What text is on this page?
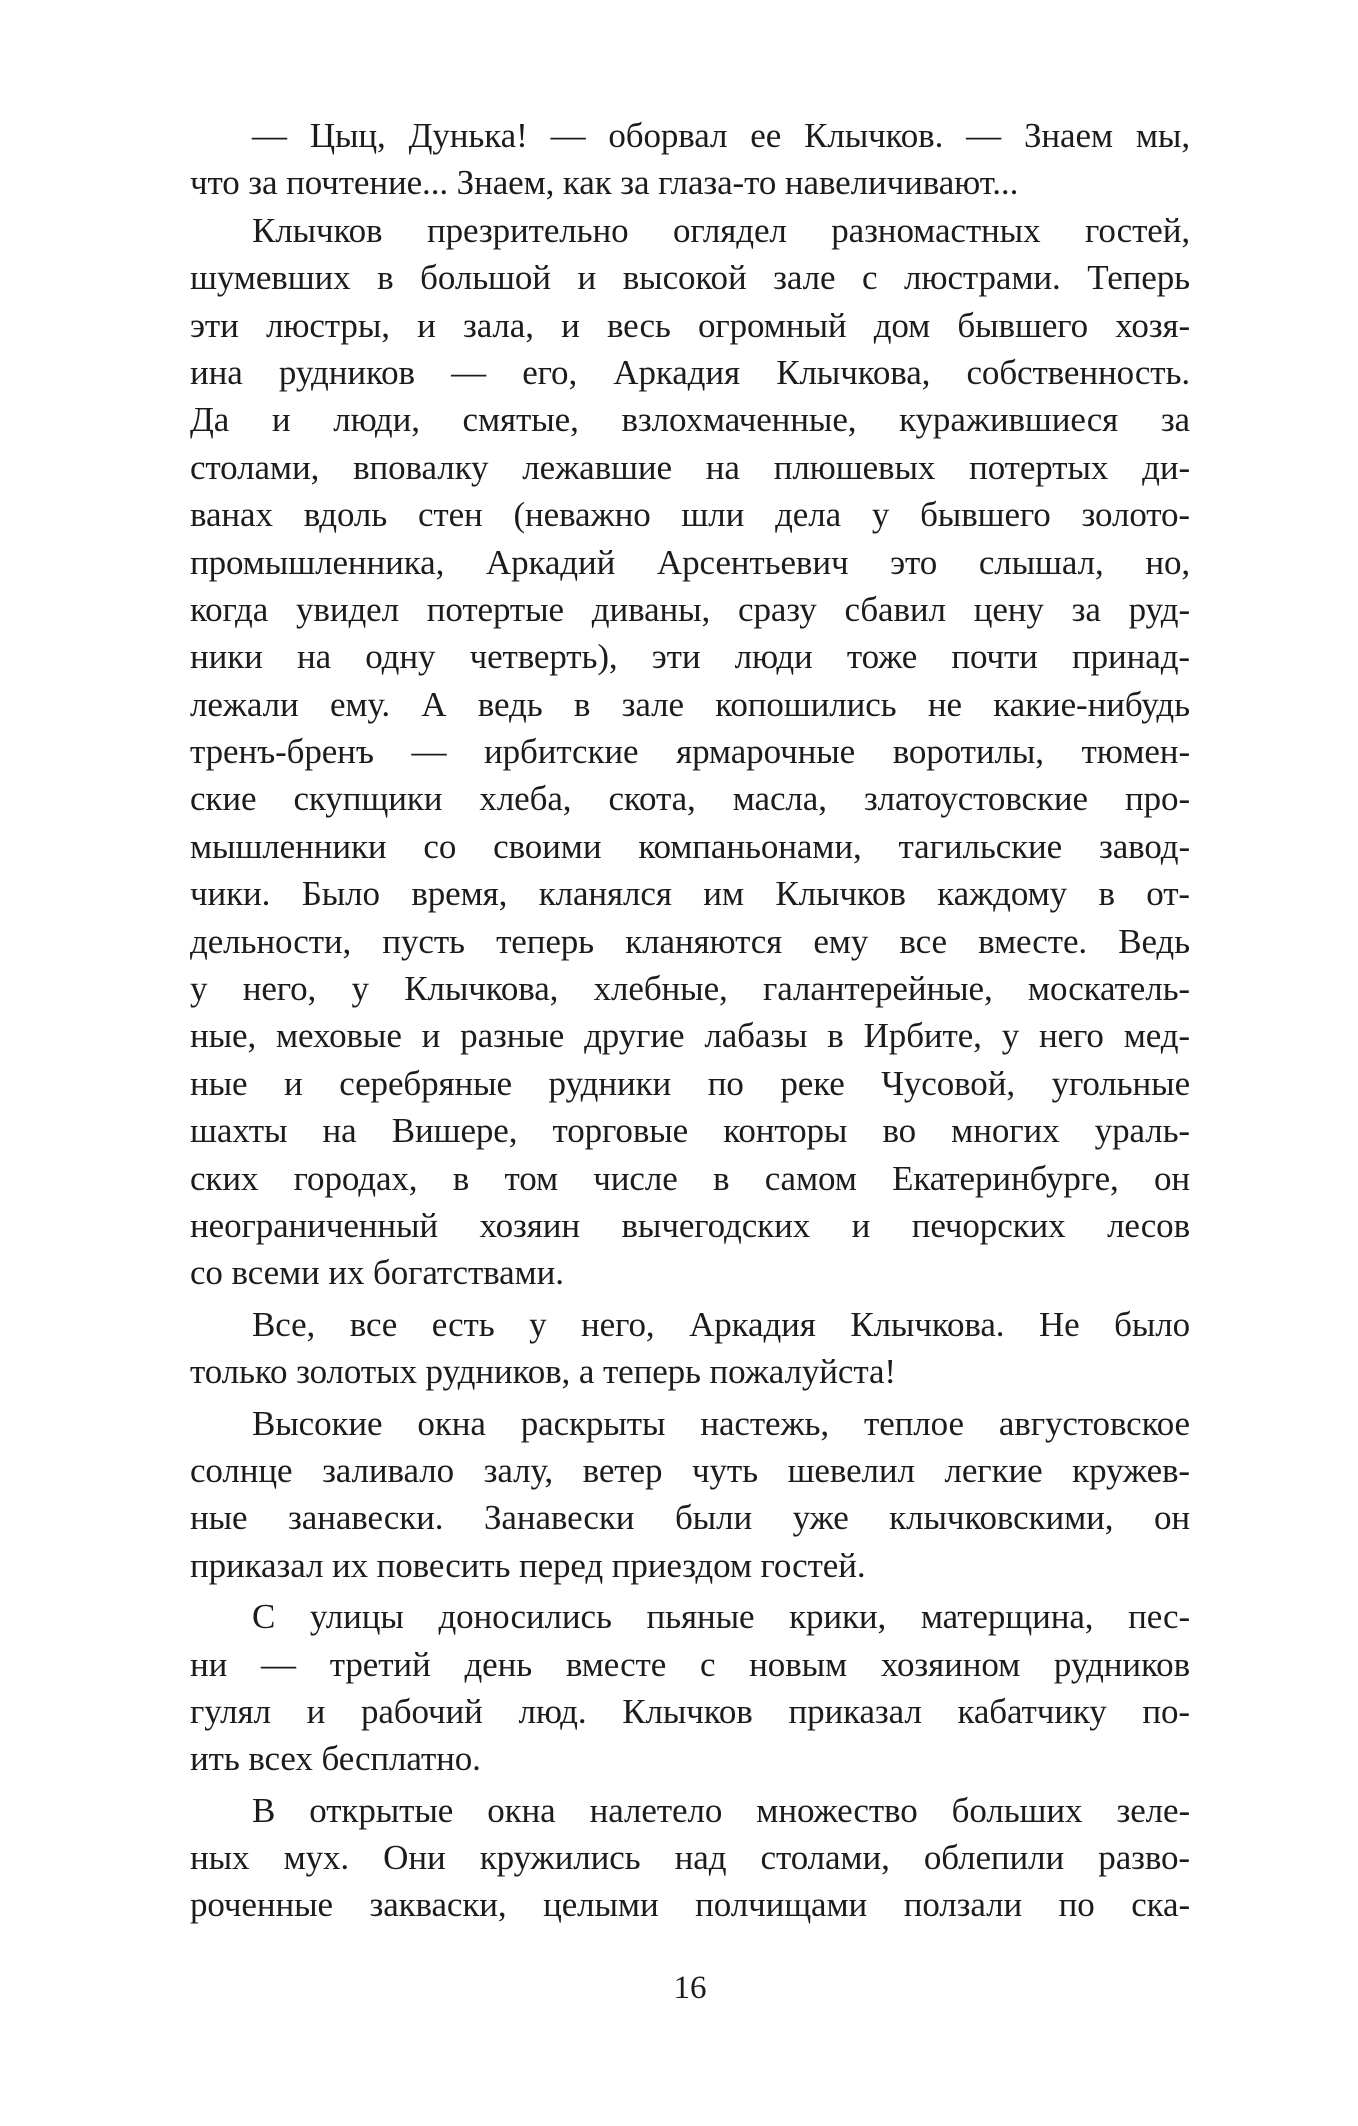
— Цыц, Дунька! — оборвал ее Клычков. — Знаем мы,
что за почтение... Знаем, как за глаза-то навеличивают...
Клычков презрительно оглядел разномастных гостей,
шумевших в большой и высокой зале с люстрами. Теперь
эти люстры, и зала, и весь огромный дом бывшего хозя-
ина рудников — его, Аркадия Клычкова, собственность.
Да и люди, смятые, взлохмаченные, куражившиеся за
столами, вповалку лежавшие на плюшевых потертых ди-
ванах вдоль стен (неважно шли дела у бывшего золото-
промышленника, Аркадий Арсентьевич это слышал, но,
когда увидел потертые диваны, сразу сбавил цену за руд-
ники на одну четверть), эти люди тоже почти принад-
лежали ему. А ведь в зале копошились не какие-нибудь
тренъ-бренъ — ирбитские ярмарочные воротилы, тюмен-
ские скупщики хлеба, скота, масла, златоустовские про-
мышленники со своими компаньонами, тагильские завод-
чики. Было время, кланялся им Клычков каждому в от-
дельности, пусть теперь кланяются ему все вместе. Ведь
у него, у Клычкова, хлебные, галантерейные, москатель-
ные, меховые и разные другие лабазы в Ирбите, у него мед-
ные и серебряные рудники по реке Чусовой, угольные
шахты на Вишере, торговые конторы во многих ураль-
ских городах, в том числе в самом Екатеринбурге, он
неограниченный хозяин вычегодских и печорских лесов
со всеми их богатствами.
Все, все есть у него, Аркадия Клычкова. Не было
только золотых рудников, а теперь пожалуйста!
Высокие окна раскрыты настежь, теплое августовское
солнце заливало залу, ветер чуть шевелил легкие кружев-
ные занавески. Занавески были уже клычковскими, он
приказал их повесить перед приездом гостей.
С улицы доносились пьяные крики, матерщина, пес-
ни — третий день вместе с новым хозяином рудников
гулял и рабочий люд. Клычков приказал кабатчику по-
ить всех бесплатно.
В открытые окна налетело множество больших зеле-
ных мух. Они кружились над столами, облепили разво-
роченные закваски, целыми полчищами ползали по ска-
16
